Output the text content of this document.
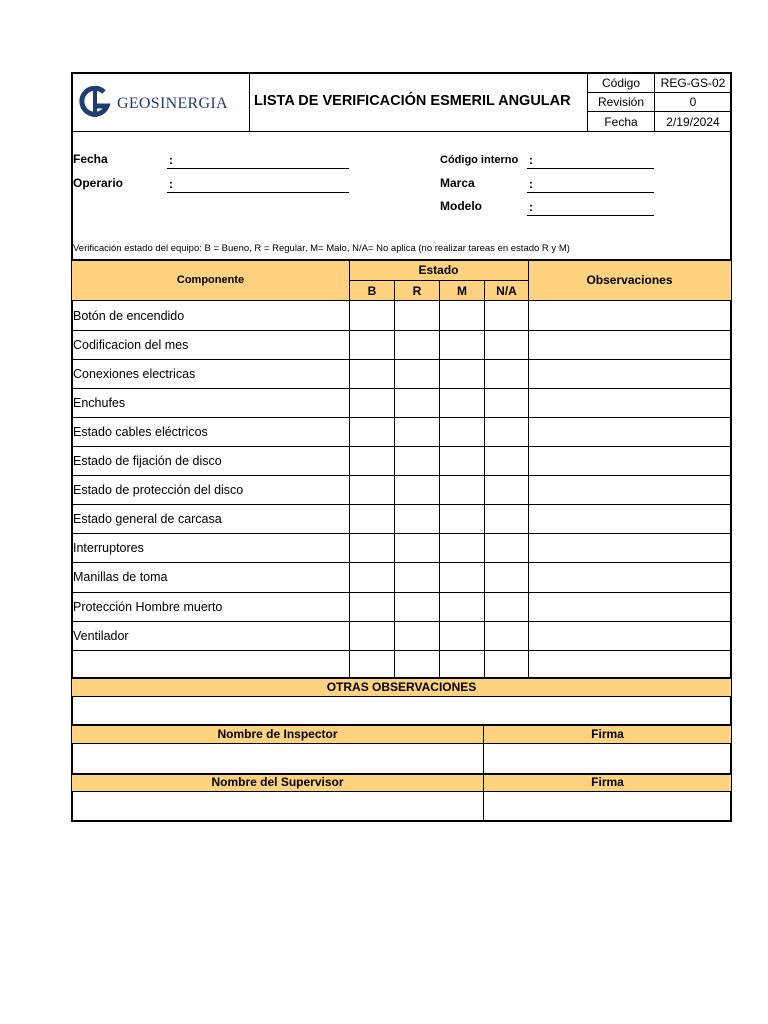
GEOSINERGIA LISTA DE VERIFICACIÓN ESMERIL ANGULAR
Código	REG-GS-02
Revisión	0
Fecha	2/19/2024
Fecha	:
Operario	:
Código interno :
Marca	:
Modelo	:
Verificación estado del equipo: B = Bueno, R = Regular, M= Malo, N/A= No aplica (no realizar tareas en estado R y M)
Componente
Estado
B	R	M	N/A
Observaciones
Botón de encendido
Codificacion del mes
Conexiones electricas
Enchufes
Estado cables eléctricos
Estado de fijación de disco
Estado de protección del disco
Estado general de carcasa
Interruptores
Manillas de toma
Protección Hombre muerto
Ventilador
OTRAS OBSERVACIONES
Nombre de Inspector	Firma
Nombre del Supervisor	Firma
